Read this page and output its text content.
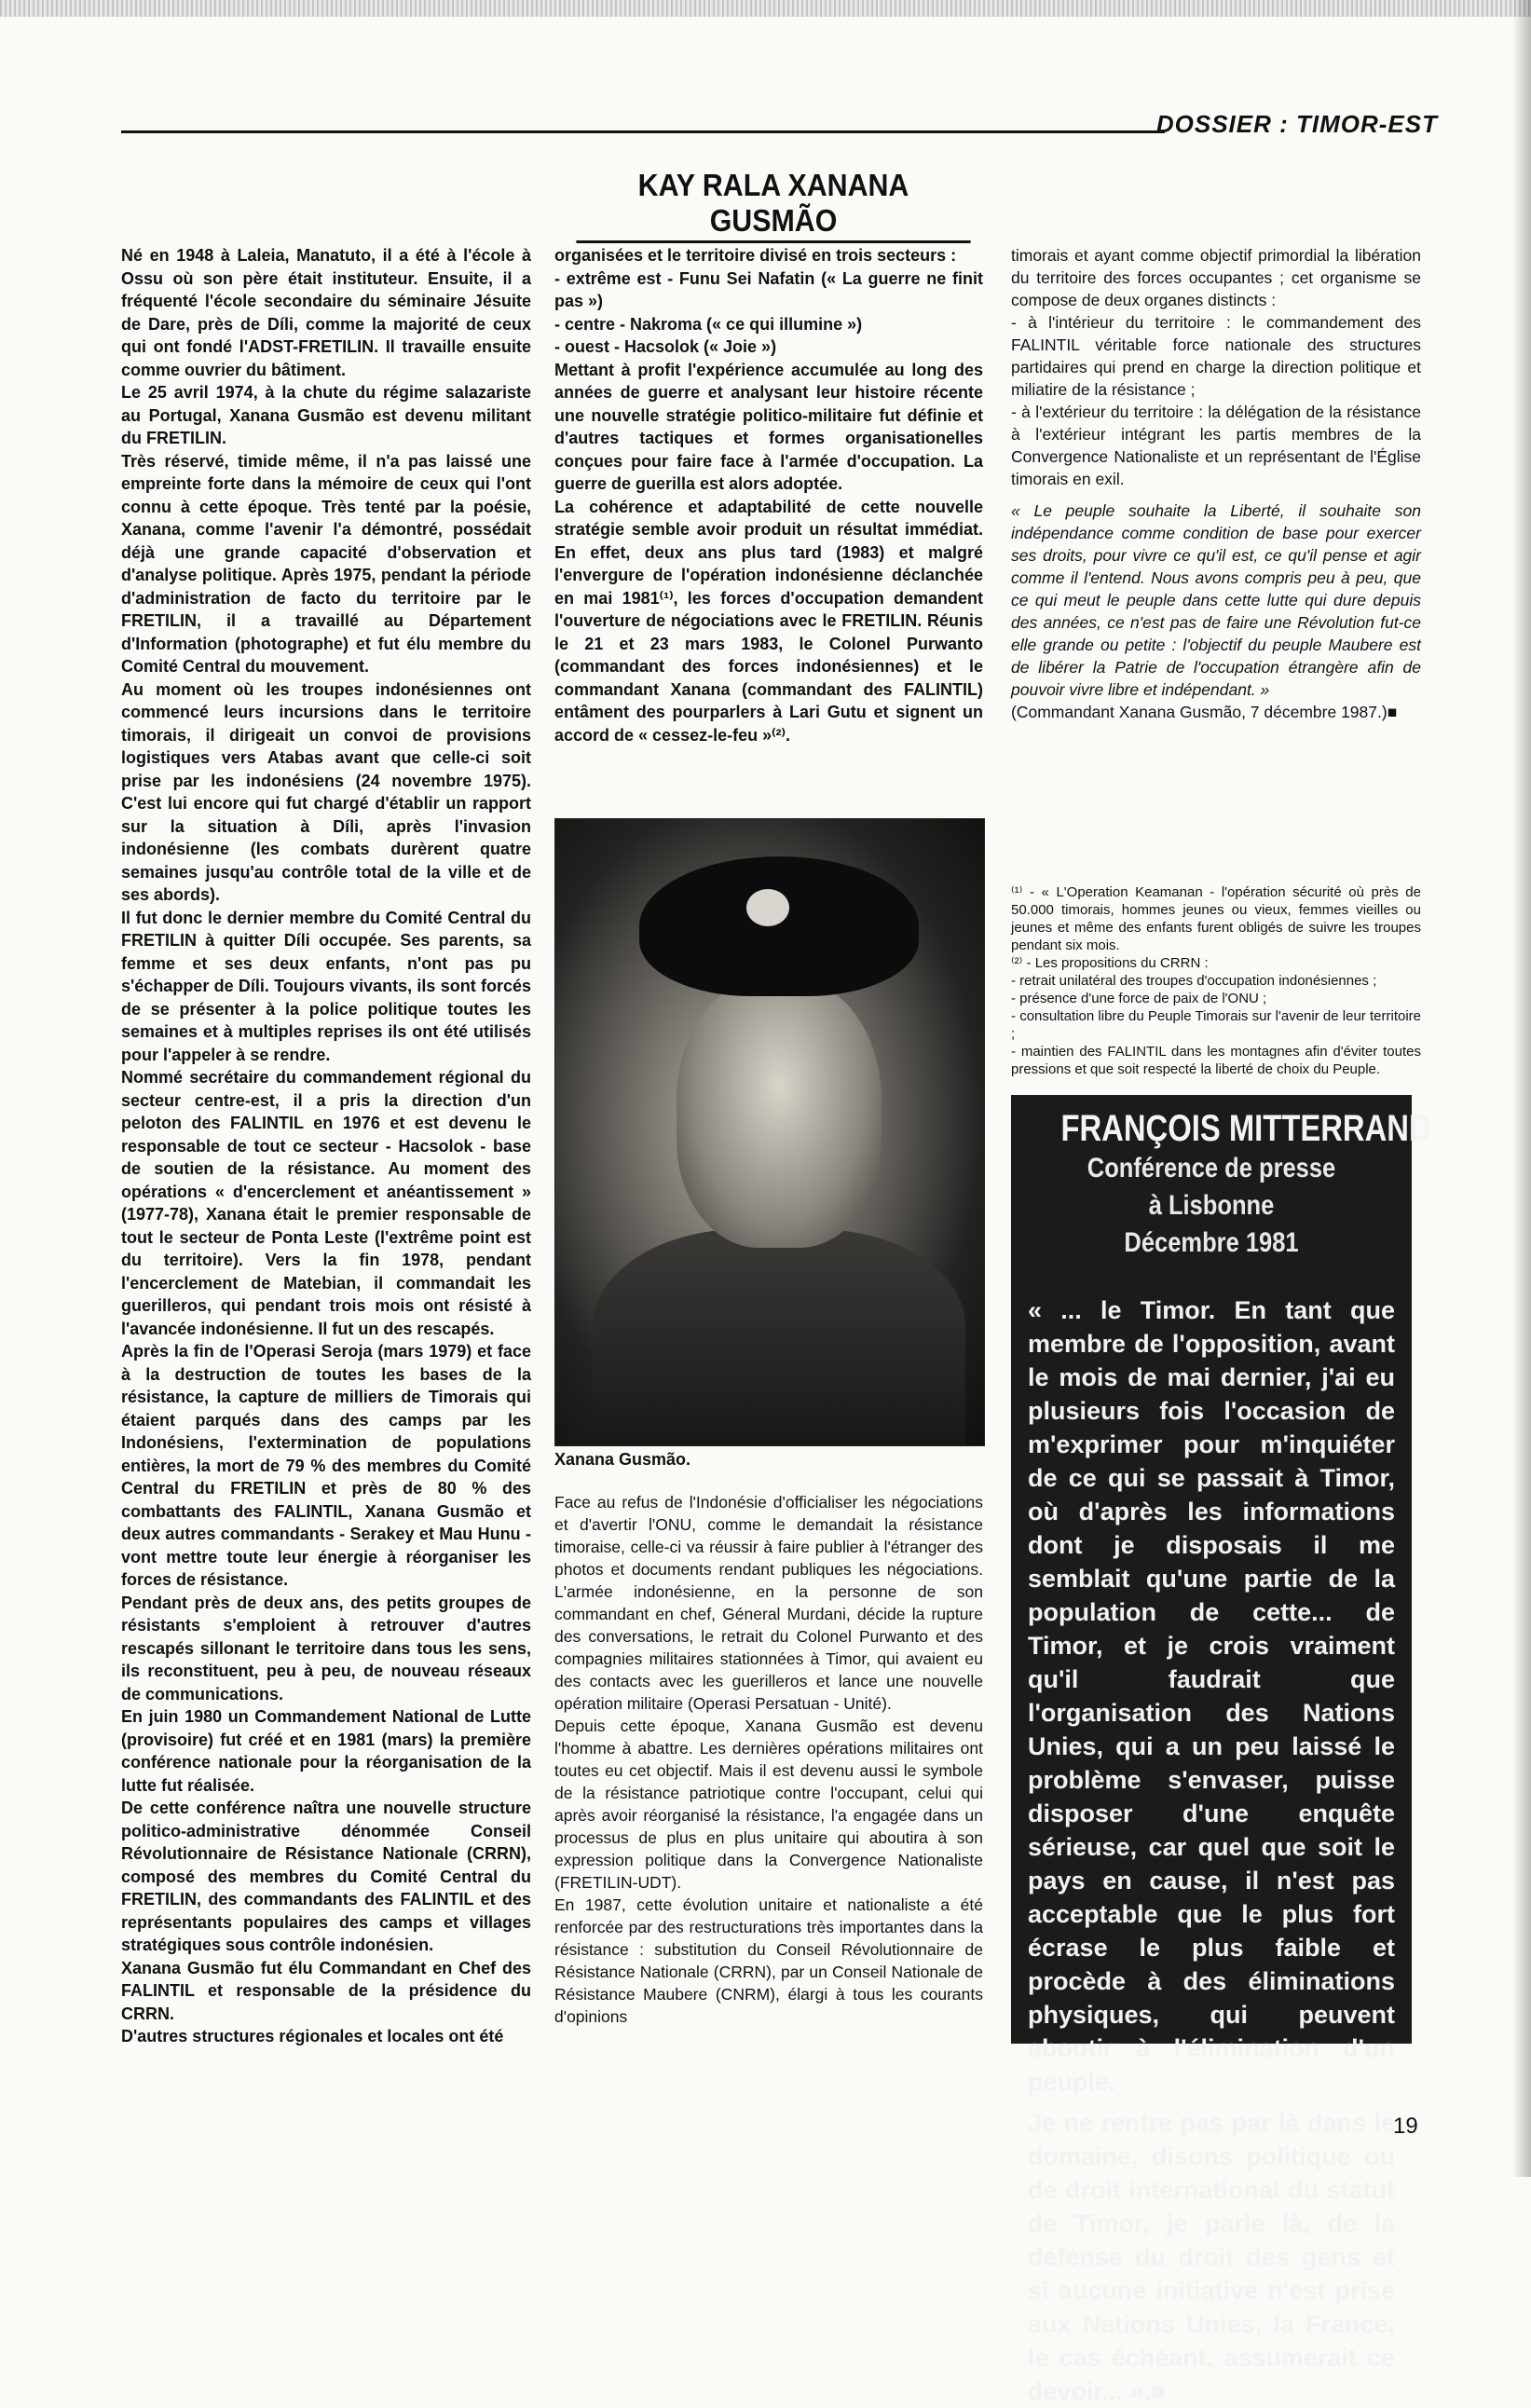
DOSSIER : TIMOR-EST
KAY RALA XANANA GUSMÃO

Né en 1948 à Laleia, Manatuto, il a été à l'école à Ossu où son père était instituteur. Ensuite, il a fréquenté l'école secondaire du séminaire Jésuite de Dare, près de Díli, comme la majorité de ceux qui ont fondé l'ADST-FRETILIN. Il travaille ensuite comme ouvrier du bâtiment.

Le 25 avril 1974, à la chute du régime salazariste au Portugal, Xanana Gusmão est devenu militant du FRETILIN.

Très réservé, timide même, il n'a pas laissé une empreinte forte dans la mémoire de ceux qui l'ont connu à cette époque. Très tenté par la poésie, Xanana, comme l'avenir l'a démontré, possédait déjà une grande capacité d'observation et d'analyse politique. Après 1975, pendant la période d'administration de facto du territoire par le FRETILIN, il a travaillé au Département d'Information (photographe) et fut élu membre du Comité Central du mouvement.

Au moment où les troupes indonésiennes ont commencé leurs incursions dans le territoire timorais, il dirigeait un convoi de provisions logistiques vers Atabas avant que celle-ci soit prise par les indonésiens (24 novembre 1975). C'est lui encore qui fut chargé d'établir un rapport sur la situation à Díli, après l'invasion indonésienne (les combats durèrent quatre semaines jusqu'au contrôle total de la ville et de ses abords).

Il fut donc le dernier membre du Comité Central du FRETILIN à quitter Díli occupée. Ses parents, sa femme et ses deux enfants, n'ont pas pu s'échapper de Díli. Toujours vivants, ils sont forcés de se présenter à la police politique toutes les semaines et à multiples reprises ils ont été utilisés pour l'appeler à se rendre.

Nommé secrétaire du commandement régional du secteur centre-est, il a pris la direction d'un peloton des FALINTIL en 1976 et est devenu le responsable de tout ce secteur - Hacsolok - base de soutien de la résistance. Au moment des opérations « d'encerclement et anéantissement » (1977-78), Xanana était le premier responsable de tout le secteur de Ponta Leste (l'extrême point est du territoire). Vers la fin 1978, pendant l'encerclement de Matebian, il commandait les guerilleros, qui pendant trois mois ont résisté à l'avancée indonésienne. Il fut un des rescapés.

Après la fin de l'Operasi Seroja (mars 1979) et face à la destruction de toutes les bases de la résistance, la capture de milliers de Timorais qui étaient parqués dans des camps par les Indonésiens, l'extermination de populations entières, la mort de 79 % des membres du Comité Central du FRETILIN et près de 80 % des combattants des FALINTIL, Xanana Gusmão et deux autres commandants - Serakey et Mau Hunu - vont mettre toute leur énergie à réorganiser les forces de résistance.

Pendant près de deux ans, des petits groupes de résistants s'emploient à retrouver d'autres rescapés sillonant le territoire dans tous les sens, ils reconstituent, peu à peu, de nouveau réseaux de communications.

En juin 1980 un Commandement National de Lutte (provisoire) fut créé et en 1981 (mars) la première conférence nationale pour la réorganisation de la lutte fut réalisée.

De cette conférence naîtra une nouvelle structure politico-administrative dénommée Conseil Révolutionnaire de Résistance Nationale (CRRN), composé des membres du Comité Central du FRETILIN, des commandants des FALINTIL et des représentants populaires des camps et villages stratégiques sous contrôle indonésien.

Xanana Gusmão fut élu Commandant en Chef des FALINTIL et responsable de la présidence du CRRN.

D'autres structures régionales et locales ont été

organisées et le territoire divisé en trois secteurs :

- extrême est - Funu Sei Nafatin (« La guerre ne finit pas »)

- centre - Nakroma (« ce qui illumine »)

- ouest - Hacsolok (« Joie »)

Mettant à profit l'expérience accumulée au long des années de guerre et analysant leur histoire récente une nouvelle stratégie politico-militaire fut définie et d'autres tactiques et formes organisationelles conçues pour faire face à l'armée d'occupation. La guerre de guerilla est alors adoptée.

La cohérence et adaptabilité de cette nouvelle stratégie semble avoir produit un résultat immédiat. En effet, deux ans plus tard (1983) et malgré l'envergure de l'opération indonésienne déclanchée en mai 1981⁽¹⁾, les forces d'occupation demandent l'ouverture de négociations avec le FRETILIN. Réunis le 21 et 23 mars 1983, le Colonel Purwanto (commandant des forces indonésiennes) et le commandant Xanana (commandant des FALINTIL) entâment des pourparlers à Lari Gutu et signent un accord de « cessez-le-feu »⁽²⁾.

Xanana Gusmão.

Face au refus de l'Indonésie d'officialiser les négociations et d'avertir l'ONU, comme le demandait la résistance timoraise, celle-ci va réussir à faire publier à l'étranger des photos et documents rendant publiques les négociations. L'armée indonésienne, en la personne de son commandant en chef, Géneral Murdani, décide la rupture des conversations, le retrait du Colonel Purwanto et des compagnies militaires stationnées à Timor, qui avaient eu des contacts avec les guerilleros et lance une nouvelle opération militaire (Operasi Persatuan - Unité).

Depuis cette époque, Xanana Gusmão est devenu l'homme à abattre. Les dernières opérations militaires ont toutes eu cet objectif. Mais il est devenu aussi le symbole de la résistance patriotique contre l'occupant, celui qui après avoir réorganisé la résistance, l'a engagée dans un processus de plus en plus unitaire qui aboutira à son expression politique dans la Convergence Nationaliste (FRETILIN-UDT).

En 1987, cette évolution unitaire et nationaliste a été renforcée par des restructurations très importantes dans la résistance : substitution du Conseil Révolutionnaire de Résistance Nationale (CRRN), par un Conseil Nationale de Résistance Maubere (CNRM), élargi à tous les courants d'opinions

timorais et ayant comme objectif primordial la libération du territoire des forces occupantes ; cet organisme se compose de deux organes distincts :

- à l'intérieur du territoire : le commandement des FALINTIL véritable force nationale des structures partidaires qui prend en charge la direction politique et miliatire de la résistance ;

- à l'extérieur du territoire : la délégation de la résistance à l'extérieur intégrant les partis membres de la Convergence Nationaliste et un représentant de l'Église timorais en exil.

« Le peuple souhaite la Liberté, il souhaite son indépendance comme condition de base pour exercer ses droits, pour vivre ce qu'il est, ce qu'il pense et agir comme il l'entend. Nous avons compris peu à peu, que ce qui meut le peuple dans cette lutte qui dure depuis des années, ce n'est pas de faire une Révolution fut-ce elle grande ou petite : l'objectif du peuple Maubere est de libérer la Patrie de l'occupation étrangère afin de pouvoir vivre libre et indépendant. »

(Commandant Xanana Gusmão, 7 décembre 1987.)■

⁽¹⁾ - « L'Operation Keamanan - l'opération sécurité où près de 50.000 timorais, hommes jeunes ou vieux, femmes vieilles ou jeunes et même des enfants furent obligés de suivre les troupes pendant six mois.

⁽²⁾ - Les propositions du CRRN :

- retrait unilatéral des troupes d'occupation indonésiennes ;

- présence d'une force de paix de l'ONU ;

- consultation libre du Peuple Timorais sur l'avenir de leur territoire ;

- maintien des FALINTIL dans les montagnes afin d'éviter toutes pressions et que soit respecté la liberté de choix du Peuple.

FRANÇOIS MITTERRAND
Conférence de presse
à Lisbonne
Décembre 1981
« ... le Timor. En tant que membre de l'opposition, avant le mois de mai dernier, j'ai eu plusieurs fois l'occasion de m'exprimer pour m'inquiéter de ce qui se passait à Timor, où d'après les informations dont je disposais il me semblait qu'une partie de la population de cette... de Timor, et je crois vraiment qu'il faudrait que l'organisation des Nations Unies, qui a un peu laissé le problème s'envaser, puisse disposer d'une enquête sérieuse, car quel que soit le pays en cause, il n'est pas acceptable que le plus fort écrase le plus faible et procède à des éliminations physiques, qui peuvent aboutir à l'élimination d'un peuple.
Je ne rentre pas par là dans le domaine, disons politique ou de droit international du statut de Timor, je parle là, de la défense du droit des gens et si aucune initiative n'est prise aux Nations Unies, la France, le cas échéant, assumerait ce devoir... ».■
19
